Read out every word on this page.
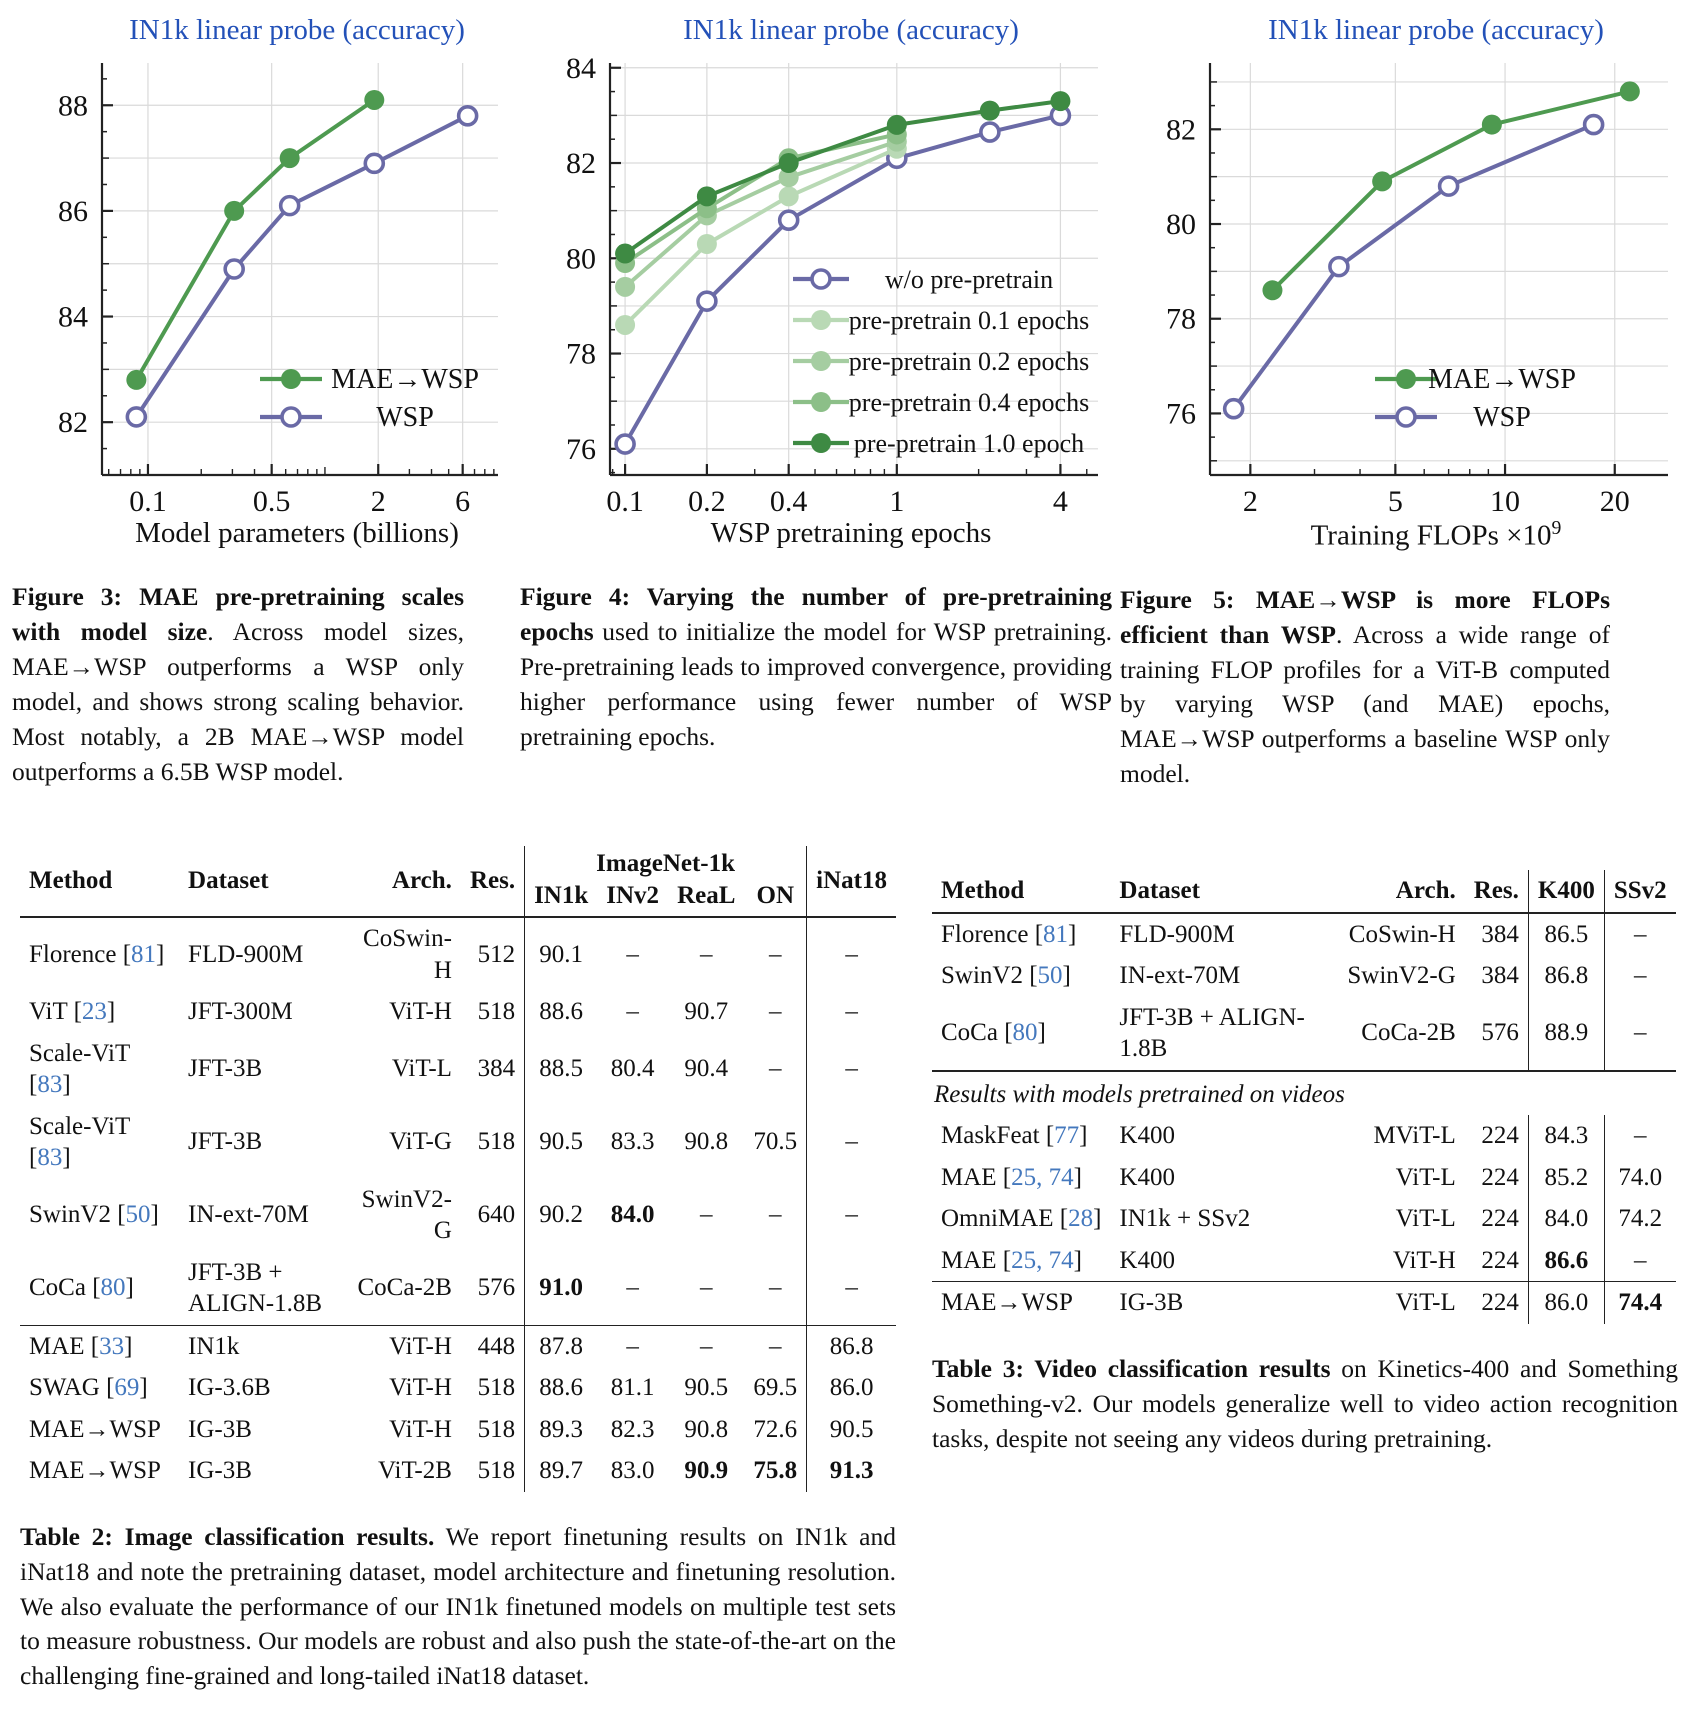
IN1k linear probe (accuracy)
82
84
86
88
0.1	0.5	2 6
MAE→WSP
WSP
Model parameters (billions)
Figure 3: MAE pre-pretraining scales with model size. Across model sizes, MAE→WSP outperforms a WSP only model, and shows strong scaling behavior. Most notably, a 2B MAE→WSP model outperforms a 6.5B WSP model.
IN1k linear probe (accuracy)
76
78
80
82
84
0.1 0.2 0.4	1	4
w/o pre-pretrain
pre-pretrain 0.1 epochs
pre-pretrain 0.2 epochs
pre-pretrain 0.4 epochs
pre-pretrain 1.0 epoch
WSP pretraining epochs
Figure 4: Varying the number of pre-pretraining epochs used to initialize the model for WSP pretraining. Pre-pretraining leads to improved convergence, providing higher performance using fewer number of WSP pretraining epochs.
IN1k linear probe (accuracy)
76
78
80
82
2	5	10	20
MAE→WSP
WSP
Training FLOPs $\times 10^9$
Figure 5: MAE→WSP is more FLOPs efficient than WSP. Across a wide range of training FLOP profiles for a ViT-B computed by varying WSP (and MAE) epochs, MAE→WSP outperforms a baseline WSP only model.
Method	Dataset	Arch.	Res.	ImageNet-1k				iNat18
				IN1k	INv2	ReaL	ON	
Florence [81]	FLD-900M	CoSwin-H	512	90.1	–	–	–	–
ViT [23]	JFT-300M	ViT-H	518	88.6	–	90.7	–	–
Scale-ViT [83]	JFT-3B	ViT-L	384	88.5	80.4	90.4	–	–
Scale-ViT [83]	JFT-3B	ViT-G	518	90.5	83.3	90.8	70.5	–
SwinV2 [50]	IN-ext-70M	SwinV2-G	640	90.2	84.0	–	–	–
CoCa [80]	JFT-3B + ALIGN-1.8B	CoCa-2B	576	91.0	–	–	–	–
MAE [33]	IN1k	ViT-H	448	87.8	–	–	–	86.8
SWAG [69]	IG-3.6B	ViT-H	518	88.6	81.1	90.5	69.5	86.0
MAE→WSP	IG-3B	ViT-H	518	89.3	82.3	90.8	72.6	90.5
MAE→WSP	IG-3B	ViT-2B	518	89.7	83.0	90.9	75.8	91.3

Table 2: Image classification results. We report finetuning results on IN1k and iNat18 and note the pretraining dataset, model architecture and finetuning resolution. We also evaluate the performance of our IN1k finetuned models on multiple test sets to measure robustness. Our models are robust and also push the state-of-the-art on the challenging fine-grained and long-tailed iNat18 dataset.

Method	Dataset	Arch.	Res.	K400	SSv2
Florence [81]	FLD-900M	CoSwin-H	384	86.5	–
SwinV2 [50]	IN-ext-70M	SwinV2-G	384	86.8	–
CoCa [80]	JFT-3B + ALIGN-1.8B	CoCa-2B	576	88.9	–
Results with models pretrained on videos					
MaskFeat [77]	K400	MViT-L	224	84.3	–
MAE [25, 74]	K400	ViT-L	224	85.2	74.0
OmniMAE [28]	IN1k + SSv2	ViT-L	224	84.0	74.2
MAE [25, 74]	K400	ViT-H	224	86.6	–
MAE→WSP	IG-3B	ViT-L	224	86.0	74.4

Table 3: Video classification results on Kinetics-400 and Something Something-v2. Our models generalize well to video action recognition tasks, despite not seeing any videos during pretraining.
